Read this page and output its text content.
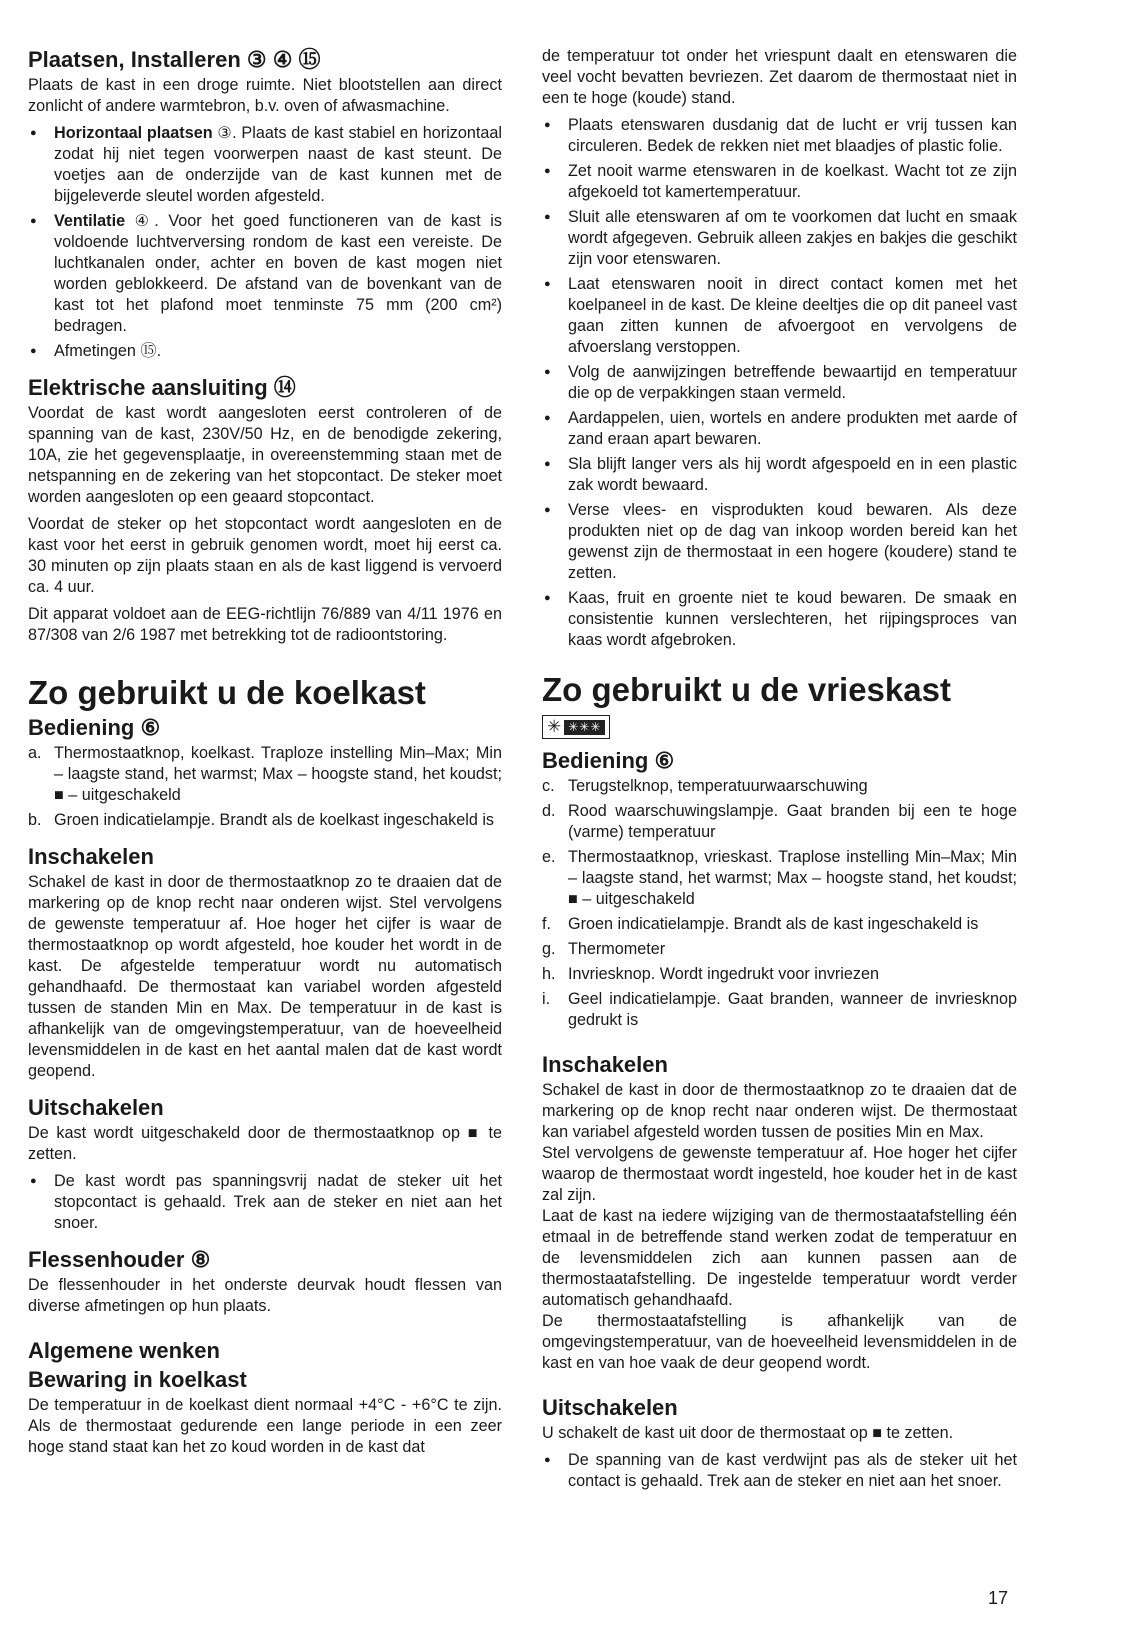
Plaatsen, Installeren ③ ④ ⑮

Plaats de kast in een droge ruimte. Niet blootstellen aan direct zonlicht of andere warmtebron, b.v. oven of afwasmachine.

● Horizontaal plaatsen ③. Plaats de kast stabiel en horizontaal zodat hij niet tegen voorwerpen naast de kast steunt. De voetjes aan de onderzijde van de kast kunnen met de bijgeleverde sleutel worden afgesteld.
● Ventilatie ④. Voor het goed functioneren van de kast is voldoende luchtverversing rondom de kast een vereiste. De luchtkanalen onder, achter en boven de kast mogen niet worden geblokkeerd. De afstand van de bovenkant van de kast tot het plafond moet tenminste 75 mm (200 cm²) bedragen.
● Afmetingen ⑮.
Elektrische aansluiting ⑭

Voordat de kast wordt aangesloten eerst controleren of de spanning van de kast, 230V/50 Hz, en de benodigde zekering, 10A, zie het gegevensplaatje, in overeenstemming staan met de netspanning en de zekering van het stopcontact. De steker moet worden aangesloten op een geaard stopcontact.

Voordat de steker op het stopcontact wordt aangesloten en de kast voor het eerst in gebruik genomen wordt, moet hij eerst ca. 30 minuten op zijn plaats staan en als de kast liggend is vervoerd ca. 4 uur.

Dit apparat voldoet aan de EEG-richtlijn 76/889 van 4/11 1976 en 87/308 van 2/6 1987 met betrekking tot de radioontstoring.

Zo gebruikt u de koelkast
Bediening ⑥
a. Thermostaatknop, koelkast. Traploze instelling Min–Max; Min – laagste stand, het warmst; Max – hoogste stand, het koudst; ■ – uitgeschakeld
b. Groen indicatielampje. Brandt als de koelkast ingeschakeld is
Inschakelen

Schakel de kast in door de thermostaatknop zo te draaien dat de markering op de knop recht naar onderen wijst. Stel vervolgens de gewenste temperatuur af. Hoe hoger het cijfer is waar de thermostaatknop op wordt afgesteld, hoe kouder het wordt in de kast. De afgestelde temperatuur wordt nu automatisch gehandhaafd. De thermostaat kan variabel worden afgesteld tussen de standen Min en Max. De temperatuur in de kast is afhankelijk van de omgevingstemperatuur, van de hoeveelheid levensmiddelen in de kast en het aantal malen dat de kast wordt geopend.

Uitschakelen

De kast wordt uitgeschakeld door de thermostaatknop op ■ te zetten.

● De kast wordt pas spanningsvrij nadat de steker uit het stopcontact is gehaald. Trek aan de steker en niet aan het snoer.
Flessenhouder ⑧

De flessenhouder in het onderste deurvak houdt flessen van diverse afmetingen op hun plaats.

Algemene wenken
Bewaring in koelkast

De temperatuur in de koelkast dient normaal +4°C - +6°C te zijn. Als de thermostaat gedurende een lange periode in een zeer hoge stand staat kan het zo koud worden in de kast dat

de temperatuur tot onder het vriespunt daalt en etenswaren die veel vocht bevatten bevriezen. Zet daarom de thermostaat niet in een te hoge (koude) stand.

● Plaats etenswaren dusdanig dat de lucht er vrij tussen kan circuleren. Bedek de rekken niet met blaadjes of plastic folie.
● Zet nooit warme etenswaren in de koelkast. Wacht tot ze zijn afgekoeld tot kamertemperatuur.
● Sluit alle etenswaren af om te voorkomen dat lucht en smaak wordt afgegeven. Gebruik alleen zakjes en bakjes die geschikt zijn voor etenswaren.
● Laat etenswaren nooit in direct contact komen met het koelpaneel in de kast. De kleine deeltjes die op dit paneel vast gaan zitten kunnen de afvoergoot en vervolgens de afvoerslang verstoppen.
● Volg de aanwijzingen betreffende bewaartijd en temperatuur die op de verpakkingen staan vermeld.
● Aardappelen, uien, wortels en andere produkten met aarde of zand eraan apart bewaren.
● Sla blijft langer vers als hij wordt afgespoeld en in een plastic zak wordt bewaard.
● Verse vlees- en visprodukten koud bewaren. Als deze produkten niet op de dag van inkoop worden bereid kan het gewenst zijn de thermostaat in een hogere (koudere) stand te zetten.
● Kaas, fruit en groente niet te koud bewaren. De smaak en consistentie kunnen verslechteren, het rijpingsproces van kaas wordt afgebroken.
Zo gebruikt u de vrieskast
✳ ✳✳✳
Bediening ⑥
c. Terugstelknop, temperatuurwaarschuwing
d. Rood waarschuwingslampje. Gaat branden bij een te hoge (varme) temperatuur
e. Thermostaatknop, vrieskast. Traplose instelling Min–Max; Min – laagste stand, het warmst; Max – hoogste stand, het koudst; ■ – uitgeschakeld
f.	Groen indicatielampje. Brandt als de kast ingeschakeld is
g. Thermometer
h. Invriesknop. Wordt ingedrukt voor invriezen
i.	Geel indicatielampje. Gaat branden, wanneer de invriesknop gedrukt is
Inschakelen

Schakel de kast in door de thermostaatknop zo te draaien dat de markering op de knop recht naar onderen wijst. De thermostaat kan variabel afgesteld worden tussen de posities Min en Max.

Stel vervolgens de gewenste temperatuur af. Hoe hoger het cijfer waarop de thermostaat wordt ingesteld, hoe kouder het in de kast zal zijn.

Laat de kast na iedere wijziging van de thermostaatafstelling één etmaal in de betreffende stand werken zodat de temperatuur en de levensmiddelen zich aan kunnen passen aan de thermostaatafstelling. De ingestelde temperatuur wordt verder automatisch gehandhaafd.

De thermostaatafstelling is afhankelijk van de omgevingstemperatuur, van de hoeveelheid levensmiddelen in de kast en van hoe vaak de deur geopend wordt.

Uitschakelen

U schakelt de kast uit door de thermostaat op ■ te zetten.

● De spanning van de kast verdwijnt pas als de steker uit het contact is gehaald. Trek aan de steker en niet aan het snoer.
17
